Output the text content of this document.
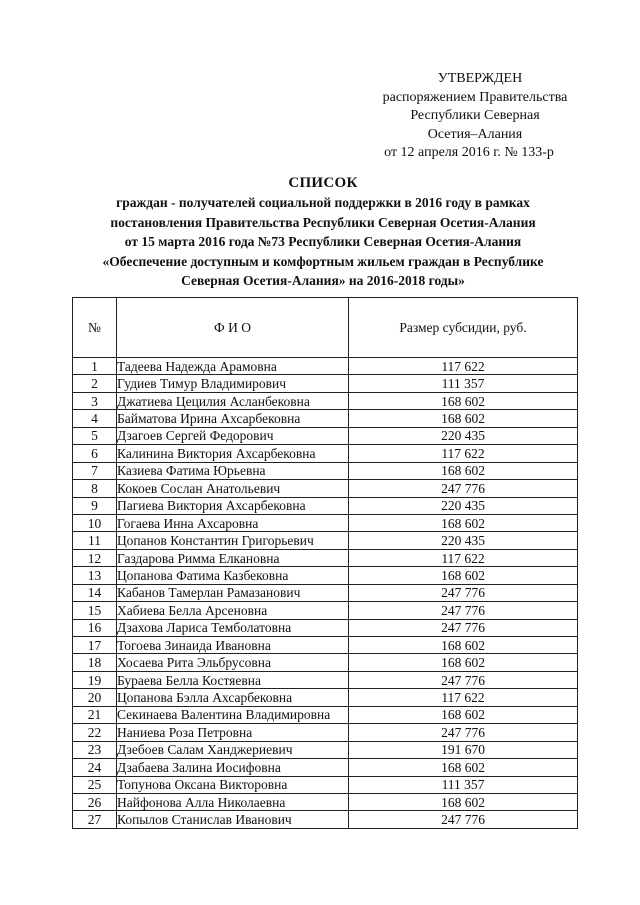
УТВЕРЖДЕН
распоряжением Правительства
Республики Северная
Осетия–Алания
от 12 апреля 2016 г. № 133-р
СПИСОК
граждан - получателей социальной поддержки в 2016 году в рамках
постановления Правительства Республики Северная Осетия-Алания
от 15 марта 2016 года №73 Республики Северная Осетия-Алания
«Обеспечение доступным и комфортным жильем граждан в Республике
Северная Осетия-Алания» на 2016-2018 годы»
№	Ф И О	Размер субсидии, руб.
1	Тадеева Надежда Арамовна	117 622
2	Гудиев Тимур Владимирович	111 357
3	Джатиева Цецилия Асланбековна	168 602
4	Байматова Ирина Ахсарбековна	168 602
5	Дзагоев Сергей Федорович	220 435
6	Калинина Виктория Ахсарбековна	117 622
7	Казиева Фатима Юрьевна	168 602
8	Кокоев Сослан Анатольевич	247 776
9	Пагиева Виктория Ахсарбековна	220 435
10	Гогаева Инна Ахсаровна	168 602
11	Цопанов Константин Григорьевич	220 435
12	Газдарова Римма Елкановна	117 622
13	Цопанова Фатима Казбековна	168 602
14	Кабанов Тамерлан Рамазанович	247 776
15	Хабиева Белла Арсеновна	247 776
16	Дзахова Лариса Темболатовна	247 776
17	Тогоева Зинаида Ивановна	168 602
18	Хосаева Рита Эльбрусовна	168 602
19	Бураева Белла Костяевна	247 776
20	Цопанова Бэлла Ахсарбековна	117 622
21	Секинаева Валентина Владимировна	168 602
22	Наниева Роза Петровна	247 776
23	Дзебоев Салам Ханджериевич	191 670
24	Дзабаева Залина Иосифовна	168 602
25	Топунова Оксана Викторовна	111 357
26	Найфонова Алла Николаевна	168 602
27	Копылов Станислав Иванович	247 776
